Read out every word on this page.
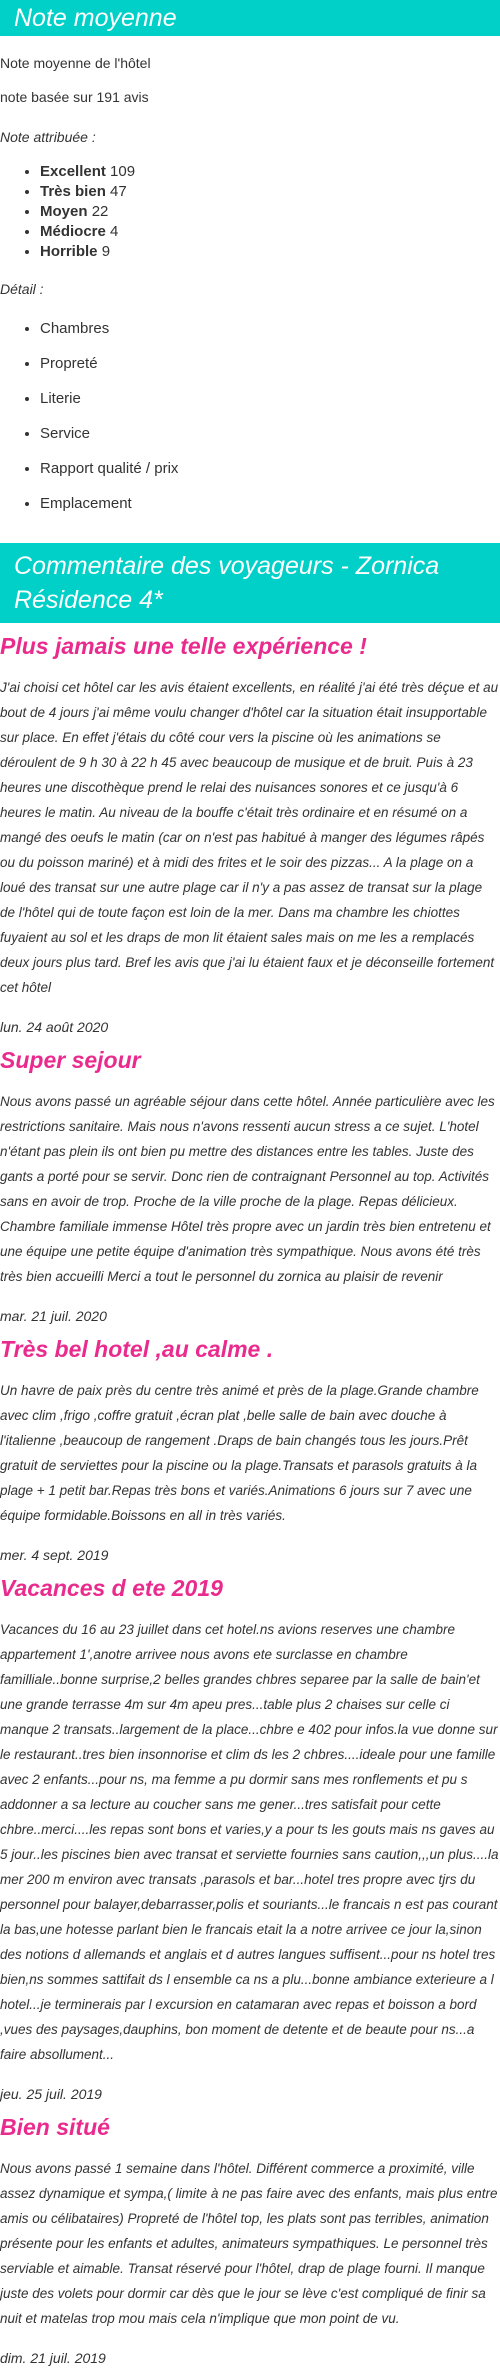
Note moyenne

Note moyenne de l'hôtel

note basée sur 191 avis

Note attribuée :

• Excellent 109
• Très bien 47
• Moyen 22
• Médiocre 4
• Horrible 9

Détail :

• Chambres
• Propreté
• Literie
• Service
• Rapport qualité / prix
• Emplacement
Commentaire des voyageurs - Zornica Résidence 4*
Plus jamais une telle expérience !

J'ai choisi cet hôtel car les avis étaient excellents, en réalité j'ai été très déçue et au bout de 4 jours j'ai même voulu changer d'hôtel car la situation était insupportable sur place. En effet j'étais du côté cour vers la piscine où les animations se déroulent de 9 h 30 à 22 h 45 avec beaucoup de musique et de bruit. Puis à 23 heures une discothèque prend le relai des nuisances sonores et ce jusqu'à 6 heures le matin. Au niveau de la bouffe c'était très ordinaire et en résumé on a mangé des oeufs le matin (car on n'est pas habitué à manger des légumes râpés ou du poisson mariné) et à midi des frites et le soir des pizzas... A la plage on a loué des transat sur une autre plage car il n'y a pas assez de transat sur la plage de l'hôtel qui de toute façon est loin de la mer. Dans ma chambre les chiottes fuyaient au sol et les draps de mon lit étaient sales mais on me les a remplacés deux jours plus tard. Bref les avis que j'ai lu étaient faux et je déconseille fortement cet hôtel

lun. 24 août 2020

Super sejour

Nous avons passé un agréable séjour dans cette hôtel. Année particulière avec les restrictions sanitaire. Mais nous n'avons ressenti aucun stress a ce sujet. L'hotel n'étant pas plein ils ont bien pu mettre des distances entre les tables. Juste des gants a porté pour se servir. Donc rien de contraignant Personnel au top. Activités sans en avoir de trop. Proche de la ville proche de la plage. Repas délicieux. Chambre familiale immense Hôtel très propre avec un jardin très bien entretenu et une équipe une petite équipe d'animation très sympathique. Nous avons été très très bien accueilli Merci a tout le personnel du zornica au plaisir de revenir

mar. 21 juil. 2020

Très bel hotel ,au calme .

Un havre de paix près du centre très animé et près de la plage.Grande chambre avec clim ,frigo ,coffre gratuit ,écran plat ,belle salle de bain avec douche à l'italienne ,beaucoup de rangement .Draps de bain changés tous les jours.Prêt gratuit de serviettes pour la piscine ou la plage.Transats et parasols gratuits à la plage + 1 petit bar.Repas très bons et variés.Animations 6 jours sur 7 avec une équipe formidable.Boissons en all in très variés.

mer. 4 sept. 2019

Vacances d ete 2019

Vacances du 16 au 23 juillet dans cet hotel.ns avions reserves une chambre appartement 1',anotre arrivee nous avons ete surclasse en chambre familliale..bonne surprise,2 belles grandes chbres separee par la salle de bain'et une grande terrasse 4m sur 4m apeu pres...table plus 2 chaises sur celle ci manque 2 transats..largement de la place...chbre e 402 pour infos.la vue donne sur le restaurant..tres bien insonnorise et clim ds les 2 chbres....ideale pour une famille avec 2 enfants...pour ns, ma femme a pu dormir sans mes ronflements et pu s addonner a sa lecture au coucher sans me gener...tres satisfait pour cette chbre..merci....les repas sont bons et varies,y a pour ts les gouts mais ns gaves au 5 jour..les piscines bien avec transat et serviette fournies sans caution,,,un plus....la mer 200 m environ avec transats ,parasols et bar...hotel tres propre avec tjrs du personnel pour balayer,debarrasser,polis et souriants...le francais n est pas courant la bas,une hotesse parlant bien le francais etait la a notre arrivee ce jour la,sinon des notions d allemands et anglais et d autres langues suffisent...pour ns hotel tres bien,ns sommes sattifait ds l ensemble ca ns a plu...bonne ambiance exterieure a l hotel...je terminerais par l excursion en catamaran avec repas et boisson a bord ,vues des paysages,dauphins, bon moment de detente et de beaute pour ns...a faire absollument...

jeu. 25 juil. 2019

Bien situé

Nous avons passé 1 semaine dans l'hôtel. Différent commerce a proximité, ville assez dynamique et sympa,( limite à ne pas faire avec des enfants, mais plus entre amis ou célibataires) Propreté de l'hôtel top, les plats sont pas terribles, animation présente pour les enfants et adultes, animateurs sympathiques. Le personnel très serviable et aimable. Transat réservé pour l'hôtel, drap de plage fourni. Il manque juste des volets pour dormir car dès que le jour se lève c'est compliqué de finir sa nuit et matelas trop mou mais cela n'implique que mon point de vu.

dim. 21 juil. 2019
